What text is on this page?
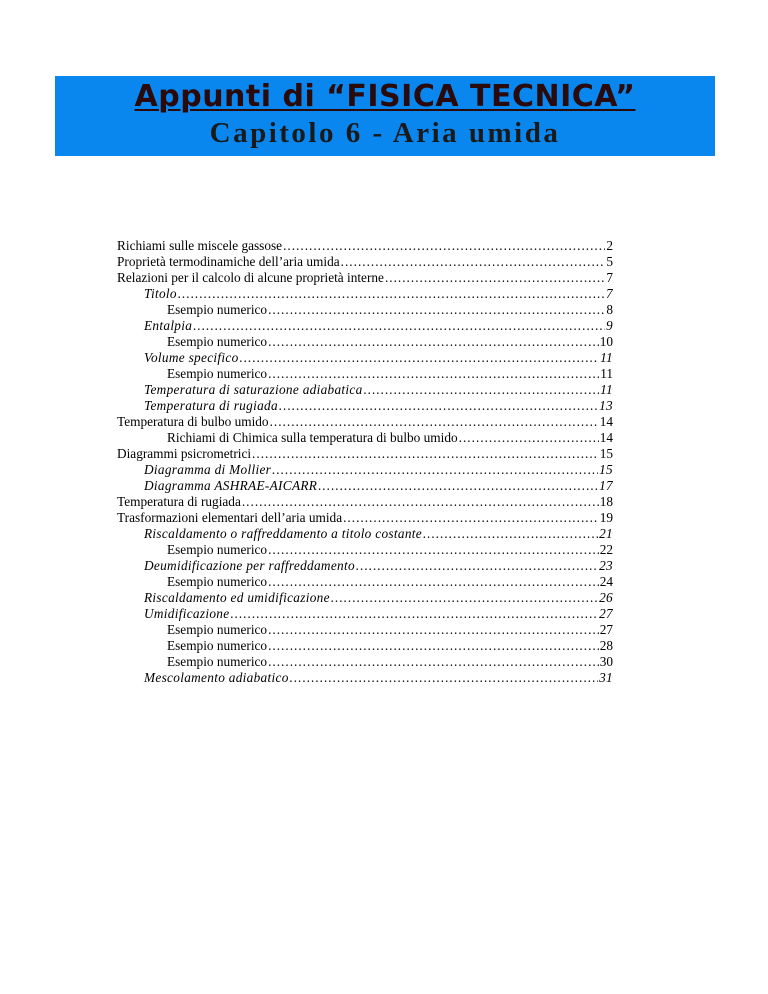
Appunti di “FISICA TECNICA”
Capitolo 6 - Aria umida
Richiami sulle miscele gassose .....	2
Proprietà termodinamiche dell’aria umida .....	5
Relazioni per il calcolo di alcune proprietà interne .....	7
Titolo .....	7
Esempio numerico .....	8
Entalpia .....	9
Esempio numerico .....	10
Volume specifico .....	11
Esempio numerico .....	11
Temperatura di saturazione adiabatica .....	11
Temperatura di rugiada .....	13
Temperatura di bulbo umido .....	14
Richiami di Chimica sulla temperatura di bulbo umido .....	14
Diagrammi psicrometrici .....	15
Diagramma di Mollier .....	15
Diagramma ASHRAE-AICARR .....	17
Temperatura di rugiada .....	18
Trasformazioni elementari dell’aria umida .....	19
Riscaldamento o raffreddamento a titolo costante .....	21
Esempio numerico .....	22
Deumidificazione per raffreddamento .....	23
Esempio numerico .....	24
Riscaldamento ed umidificazione .....	26
Umidificazione .....	27
Esempio numerico .....	27
Esempio numerico .....	28
Esempio numerico .....	30
Mescolamento adiabatico .....	31
